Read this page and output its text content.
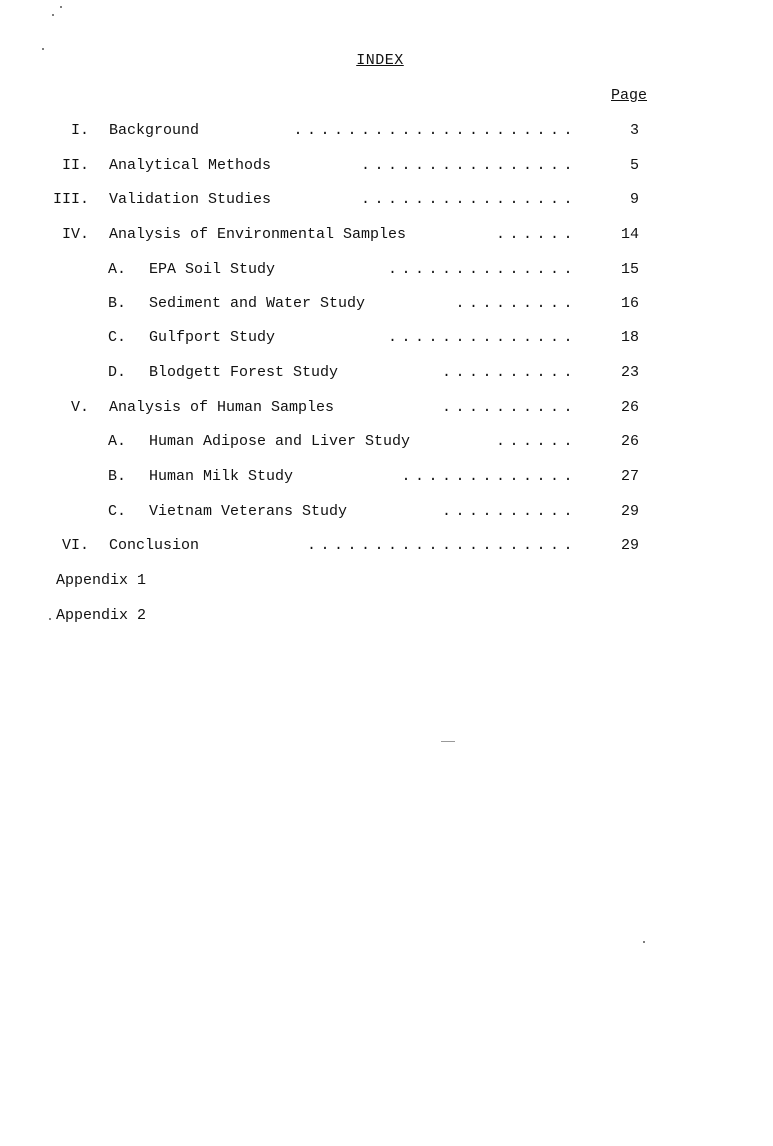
INDEX
Page
I. Background	.....................	3
II. Analytical Methods	................	5
III. Validation Studies	................	9
IV. Analysis of Environmental Samples	......	14
A. EPA Soil Study	..............	15
B. Sediment and Water Study	.........	16
C. Gulfport Study	..............	18
D. Blodgett Forest Study	..........	23
V. Analysis of Human Samples	..........	26
A. Human Adipose and Liver Study	......	26
B. Human Milk Study	.............	27
C. Vietnam Veterans Study	..........	29
VI. Conclusion	....................	29
Appendix 1
Appendix 2
